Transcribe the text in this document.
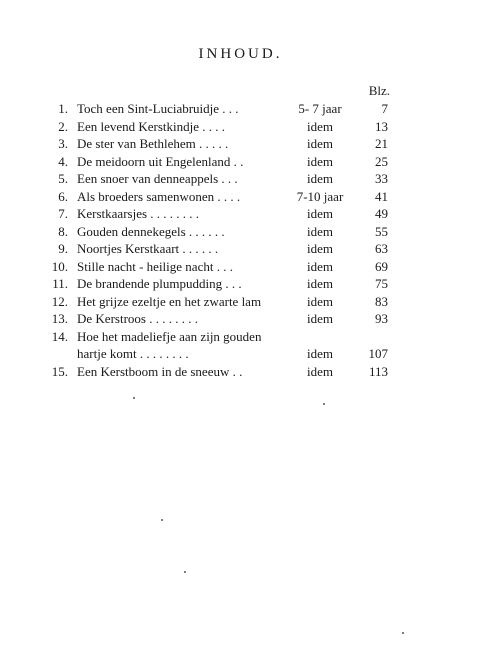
INHOUD.
Blz.
1. Toch een Sint-Luciabruidje . . .	5- 7 jaar	7
2. Een levend Kerstkindje . . . .	idem	13
3. De ster van Bethlehem . . . . .	idem	21
4. De meidoorn uit Engelenland . .	idem	25
5. Een snoer van denneappels . . .	idem	33
6. Als broeders samenwonen . . . .	7-10 jaar	41
7. Kerstkaarsjes . . . . . . . .	idem	49
8. Gouden dennekegels . . . . . .	idem	55
9. Noortjes Kerstkaart . . . . . .	idem	63
10. Stille nacht - heilige nacht . . .	idem	69
11. De brandende plumpudding . . .	idem	75
12. Het grijze ezeltje en het zwarte lam	idem	83
13. De Kerstroos . . . . . . . .	idem	93
14. Hoe het madeliefje aan zijn gouden
hartje komt . . . . . . . .	idem	107
15. Een Kerstboom in de sneeuw . .	idem	113
